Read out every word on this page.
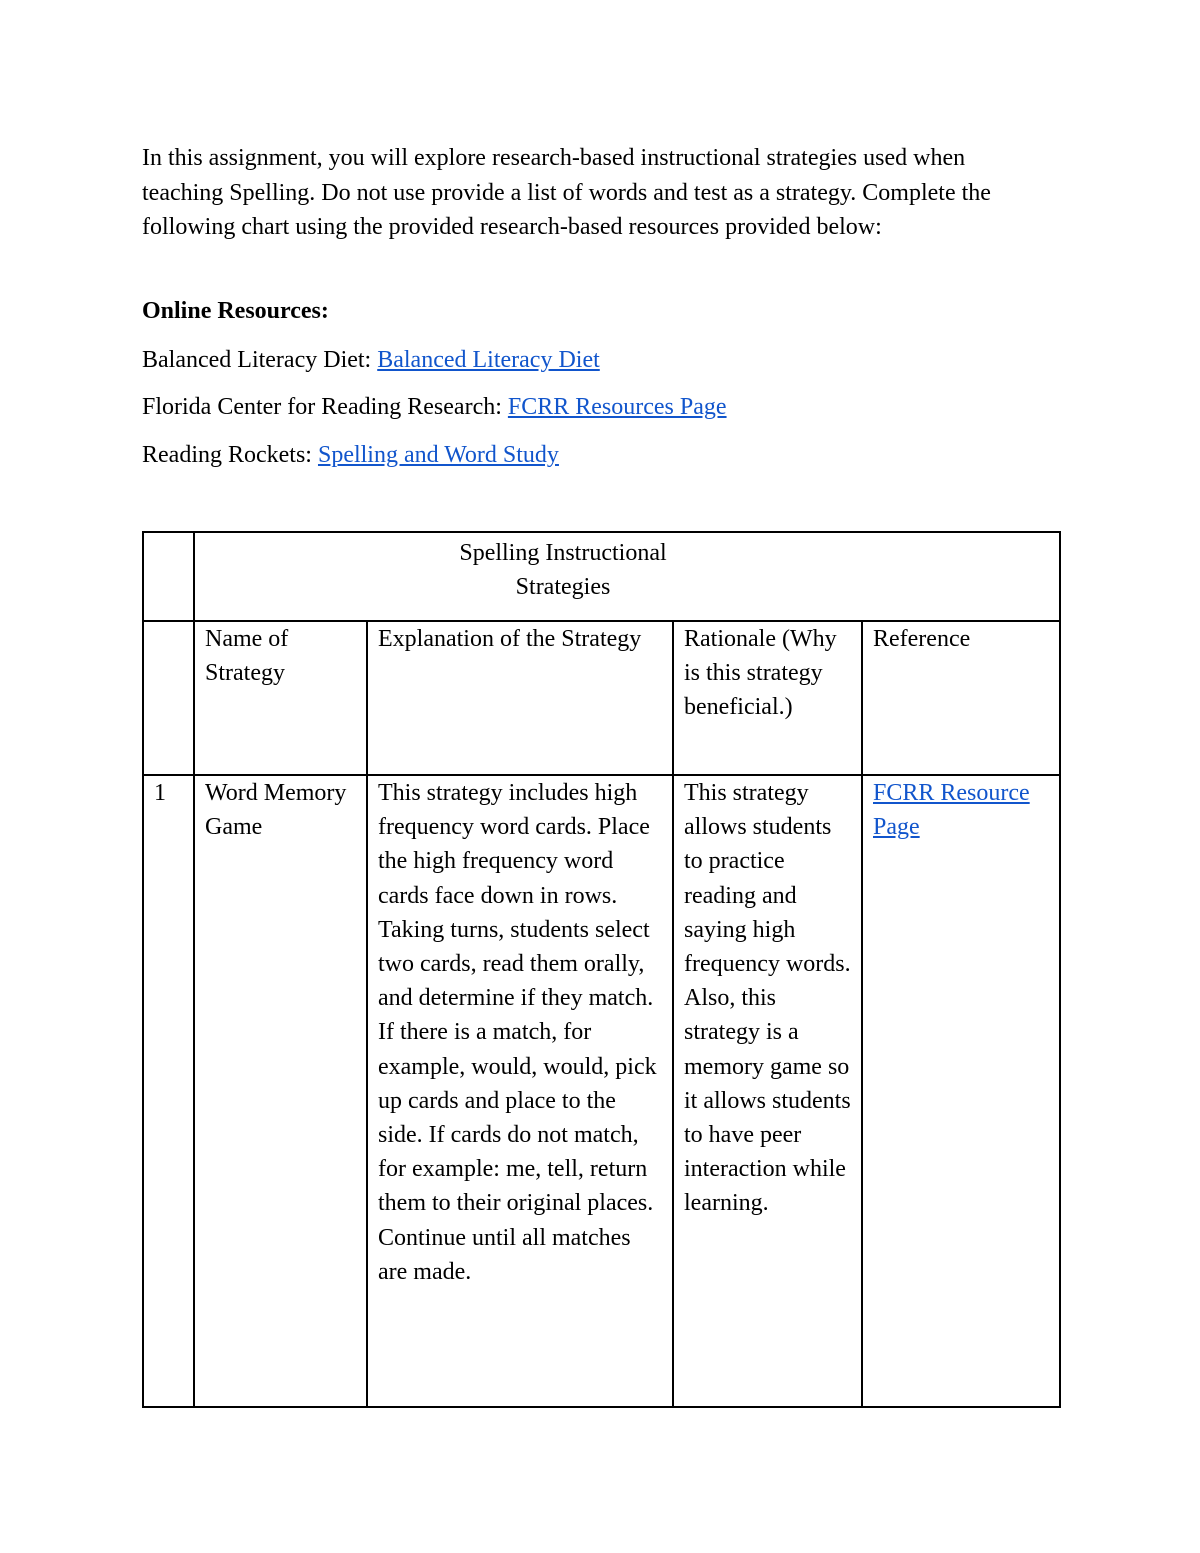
In this assignment, you will explore research-based instructional strategies used when teaching Spelling. Do not use provide a list of words and test as a strategy. Complete the following chart using the provided research-based resources provided below:

Online Resources:

Balanced Literacy Diet: Balanced Literacy Diet

Florida Center for Reading Research: FCRR Resources Page

Reading Rockets: Spelling and Word Study

	Spelling Instructional Strategies			
	Name of Strategy	Explanation of the Strategy	Rationale (Why is this strategy beneficial.)	Reference
1	Word Memory Game	This strategy includes high frequency word cards. Place the high frequency word cards face down in rows. Taking turns, students select two cards, read them orally, and determine if they match. If there is a match, for example, would, would, pick up cards and place to the side. If cards do not match, for example: me, tell, return them to their original places. Continue until all matches are made.	This strategy allows students to practice reading and saying high frequency words. Also, this strategy is a memory game so it allows students to have peer interaction while learning.	FCRR Resource Page
